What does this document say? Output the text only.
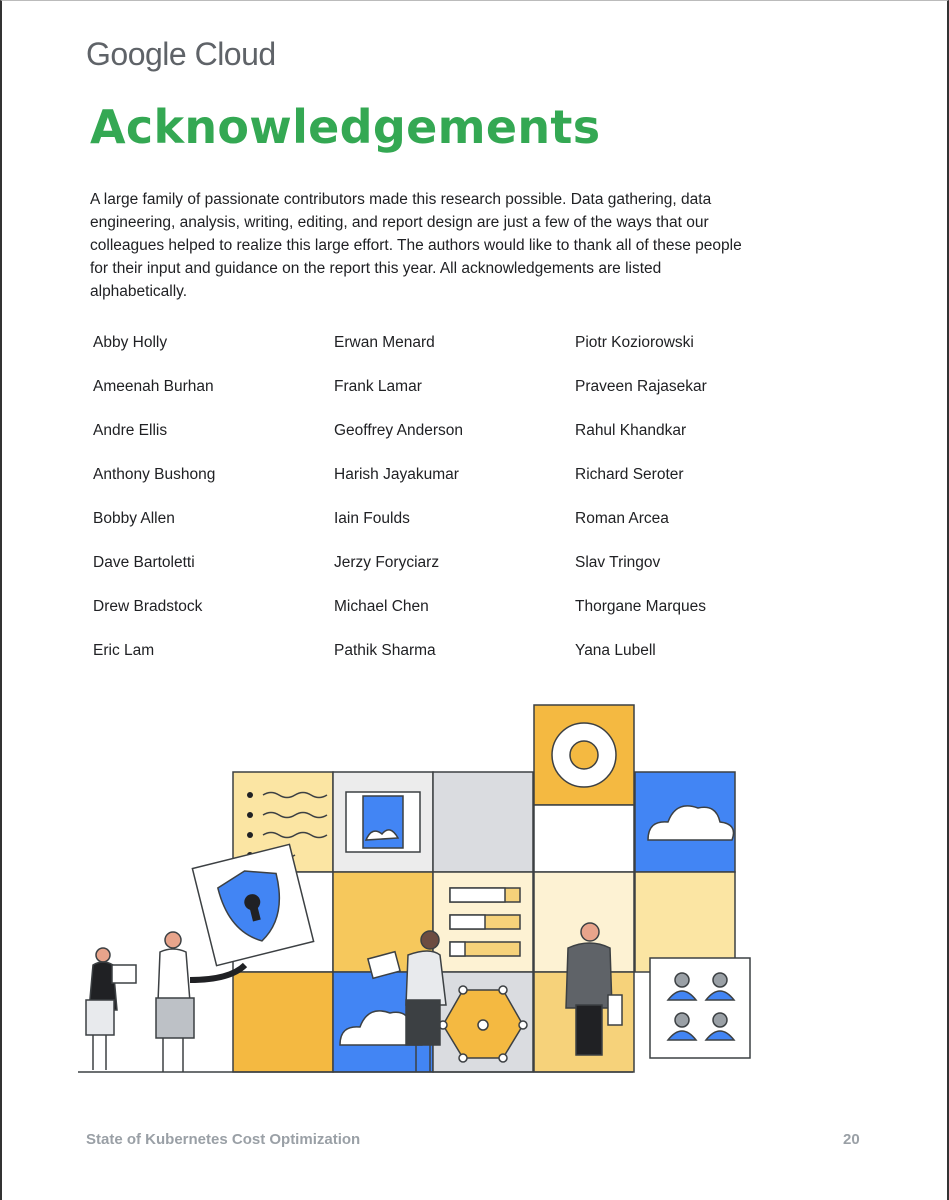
Google Cloud
Acknowledgements

A large family of passionate contributors made this research possible. Data gathering, data engineering, analysis, writing, editing, and report design are just a few of the ways that our colleagues helped to realize this large effort. The authors would like to thank all of these people for their input and guidance on the report this year. All acknowledgements are listed alphabetically.

Abby Holly	Erwan Menard	Piotr Koziorowski
Ameenah Burhan	Frank Lamar	Praveen Rajasekar
Andre Ellis	Geoffrey Anderson	Rahul Khandkar
Anthony Bushong	Harish Jayakumar	Richard Seroter
Bobby Allen	Iain Foulds	Roman Arcea
Dave Bartoletti	Jerzy Foryciarz	Slav Tringov
Drew Bradstock	Michael Chen	Thorgane Marques
Eric Lam	Pathik Sharma	Yana Lubell
State of Kubernetes Cost Optimization	20
